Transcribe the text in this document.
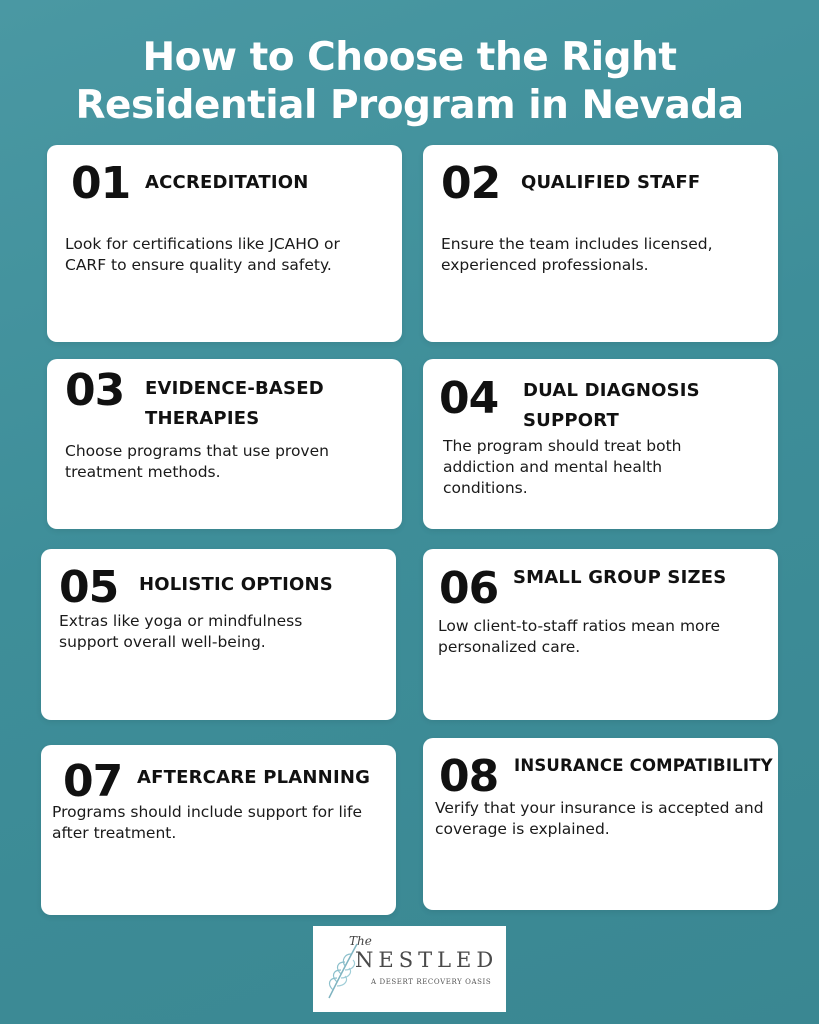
How to Choose the Right
Residential Program in Nevada
01 ACCREDITATION
Look for certifications like JCAHO or CARF to ensure quality and safety.
02 QUALIFIED STAFF
Ensure the team includes licensed, experienced professionals.
03 EVIDENCE-BASED
THERAPIES
Choose programs that use proven treatment methods.
04 DUAL DIAGNOSIS
SUPPORT
The program should treat both addiction and mental health conditions.
05 HOLISTIC OPTIONS
Extras like yoga or mindfulness support overall well-being.
06 SMALL GROUP SIZES
Low client-to-staff ratios mean more personalized care.
07 AFTERCARE PLANNING
Programs should include support for life after treatment.
08 INSURANCE COMPATIBILITY
Verify that your insurance is accepted and coverage is explained.
The
NESTLED
A DESERT RECOVERY OASIS
